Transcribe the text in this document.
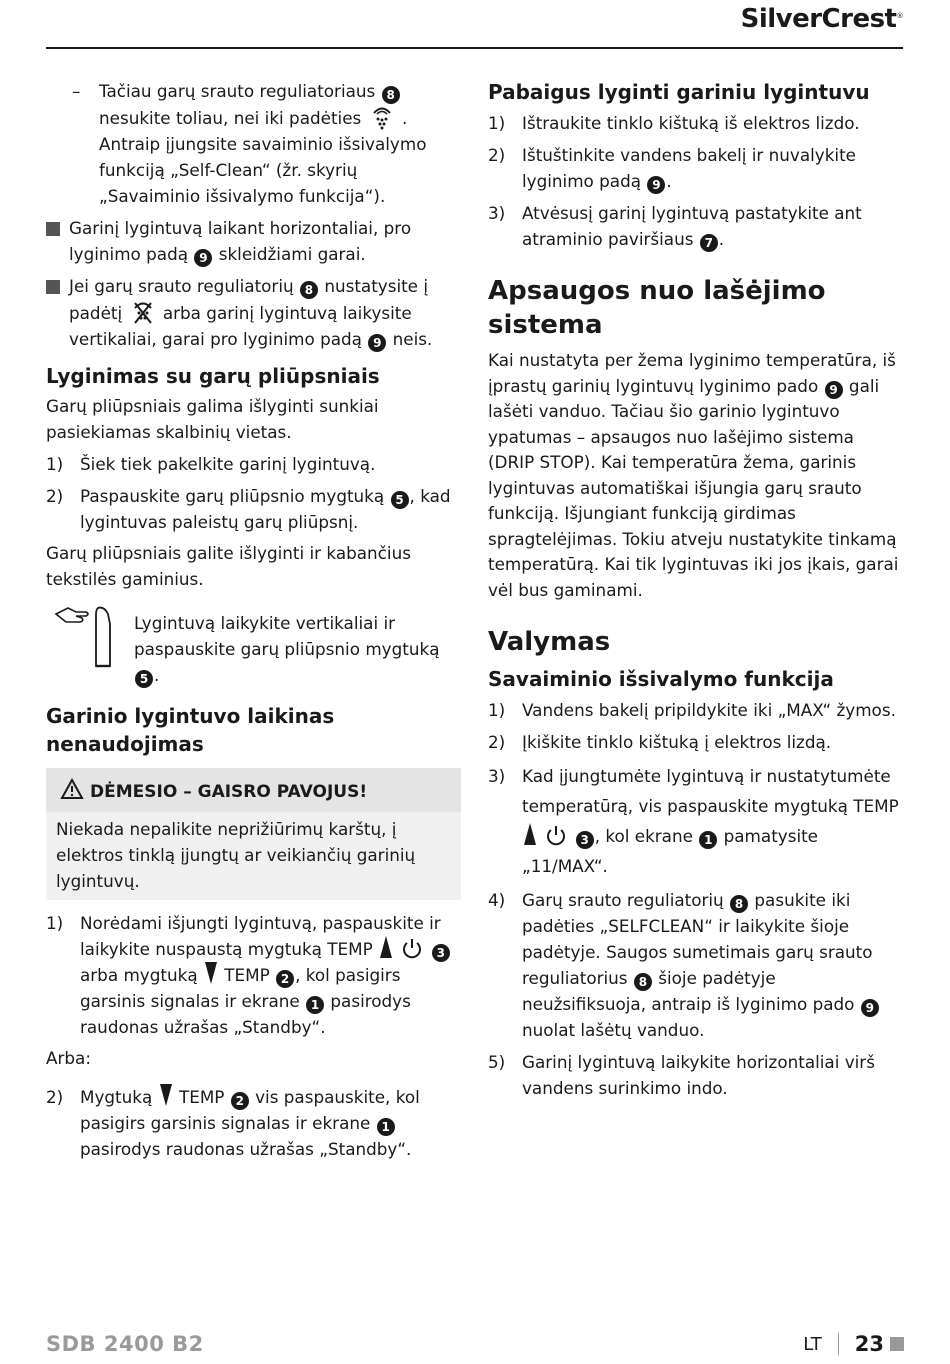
SilverCrest®
– Tačiau garų srauto reguliatoriaus 8 nesukite toliau, nei iki padėties . Antraip įjungsite savaiminio išsivalymo funkciją „Self-Clean“ (žr. skyrių „Savaiminio išsivalymo funkcija“).
Garinį lygintuvą laikant horizontaliai, pro lyginimo padą 9 skleidžiami garai.
Jei garų srauto reguliatorių 8 nustatysite į padėtį arba garinį lygintuvą laikysite vertikaliai, garai pro lyginimo padą 9 neis.
Lyginimas su garų pliūpsniais

Garų pliūpsniais galima išlyginti sunkiai pasiekiamas skalbinių vietas.

1) Šiek tiek pakelkite garinį lygintuvą.
2) Paspauskite garų pliūpsnio mygtuką 5 , kad lygintuvas paleistų garų pliūpsnį.

Garų pliūpsniais galite išlyginti ir kabančius tekstilės gaminius.

Lygintuvą laikykite vertikaliai ir paspauskite garų pliūpsnio mygtuką 5 .
Garinio lygintuvo laikinas nenaudojimas
DĖMESIO – GAISRO PAVOJUS!
Niekada nepalikite neprižiūrimų karštų, į elektros tinklą įjungtų ar veikiančių garinių lygintuvų.
1) Norėdami išjungti lygintuvą, paspauskite ir laikykite nuspaustą mygtuką TEMP	3 arba mygtuką TEMP 2 , kol pasigirs garsinis signalas ir ekrane 1 pasirodys raudonas užrašas „Standby“.

Arba:

2) Mygtuką TEMP 2 vis paspauskite, kol pasigirs garsinis signalas ir ekrane 1 pasirodys raudonas užrašas „Standby“.
Pabaigus lyginti gariniu lygintuvu
1) Ištraukite tinklo kištuką iš elektros lizdo.
2) Ištuštinkite vandens bakelį ir nuvalykite lyginimo padą 9 .
3) Atvėsusį garinį lygintuvą pastatykite ant atraminio paviršiaus 7 .
Apsaugos nuo lašėjimo sistema

Kai nustatyta per žema lyginimo temperatūra, iš įprastų garinių lygintuvų lyginimo pado 9 gali lašėti vanduo. Tačiau šio garinio lygintuvo ypatumas – apsaugos nuo lašėjimo sistema (DRIP STOP). Kai temperatūra žema, garinis lygintuvas automatiškai išjungia garų srauto funkciją. Išjungiant funkciją girdimas spragtelėjimas. Tokiu atveju nustatykite tinkamą temperatūrą. Kai tik lygintuvas iki jos įkais, garai vėl bus gaminami.

Valymas
Savaiminio išsivalymo funkcija
1) Vandens bakelį pripildykite iki „MAX“ žymos.
2) Įkiškite tinklo kištuką į elektros lizdą.
3) Kad įjungtumėte lygintuvą ir nustatytumėte temperatūrą, vis paspauskite mygtuką TEMP   3 , kol ekrane 1 pamatysite „11/MAX“.
4) Garų srauto reguliatorių 8 pasukite iki padėties „SELFCLEAN“ ir laikykite šioje padėtyje. Saugos sumetimais garų srauto reguliatorius 8 šioje padėtyje neužsifiksuoja, antraip iš lyginimo pado 9 nuolat lašėtų vanduo.
5) Garinį lygintuvą laikykite horizontaliai virš vandens surinkimo indo.
SDB 2400 B2	LT 23
